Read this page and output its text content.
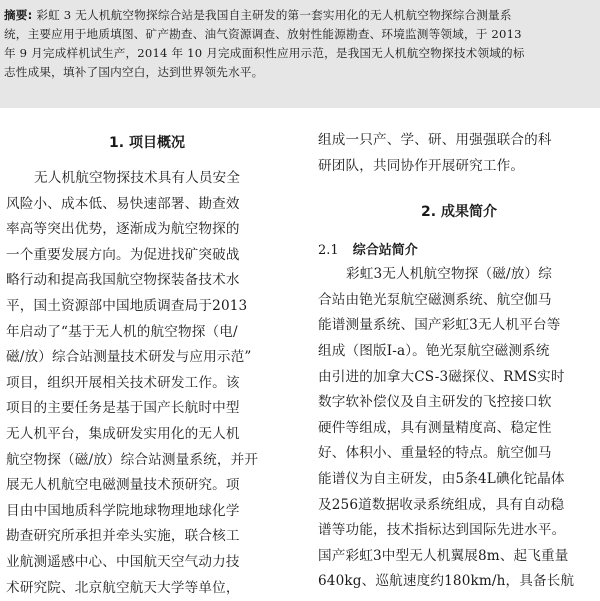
摘要: 彩虹 3 无人机航空物探综合站是我国自主研发的第一套实用化的无人机航空物探综合测量系
统，主要应用于地质填图、矿产勘查、油气资源调查、放射性能源勘查、环境监测等领域，于 2013
年 9 月完成样机试生产，2014 年 10 月完成面积性应用示范，是我国无人机航空物探技术领域的标
志性成果，填补了国内空白，达到世界领先水平。

1. 项目概况

无人机航空物探技术具有人员安全
风险小、成本低、易快速部署、勘查效
率高等突出优势，逐渐成为航空物探的
一个重要发展方向。为促进找矿突破战
略行动和提高我国航空物探装备技术水
平，国土资源部中国地质调查局于2013
年启动了“基于无人机的航空物探（电/
磁/放）综合站测量技术研发与应用示范”
项目，组织开展相关技术研发工作。该
项目的主要任务是基于国产长航时中型
无人机平台，集成研发实用化的无人机
航空物探（磁/放）综合站测量系统，并开
展无人机航空电磁测量技术预研究。项
目由中国地质科学院地球物理地球化学
勘查研究所承担并牵头实施，联合核工
业航测遥感中心、中国航天空气动力技
术研究院、北京航空航天大学等单位，

组成一只产、学、研、用强强联合的科
研团队，共同协作开展研究工作。

2. 成果简介

2.1 综合站简介

彩虹3无人机航空物探（磁/放）综
合站由铯光泵航空磁测系统、航空伽马
能谱测量系统、国产彩虹3无人机平台等
组成（图版Ⅰ-a）。铯光泵航空磁测系统
由引进的加拿大CS-3磁探仪、RMS实时
数字软补偿仪及自主研发的飞控接口软
硬件等组成，具有测量精度高、稳定性
好、体积小、重量轻的特点。航空伽马
能谱仪为自主研发，由5条4L碘化铊晶体
及256道数据收录系统组成，具有自动稳
谱等功能，技术指标达到国际先进水平。
国产彩虹3中型无人机翼展8m、起飞重量
640kg、巡航速度约180km/h，具备长航
